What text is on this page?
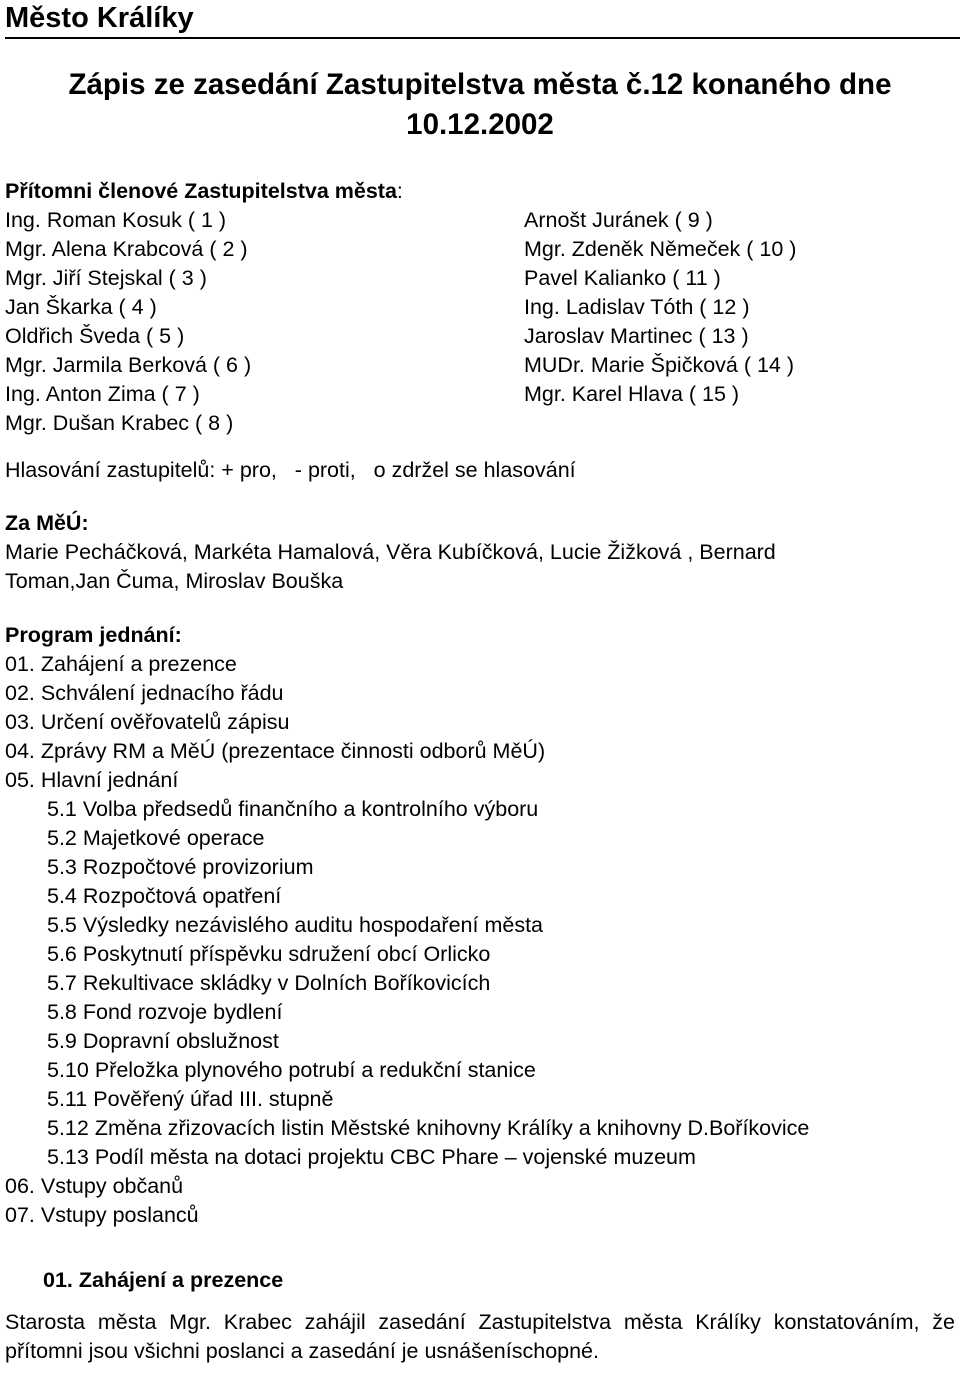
Město Králíky
Zápis ze zasedání Zastupitelstva města č.12 konaného dne
10.12.2002
Přítomni členové Zastupitelstva města:
Ing. Roman Kosuk ( 1 )
Mgr. Alena Krabcová ( 2 )
Mgr. Jiří Stejskal ( 3 )
Jan Škarka ( 4 )
Oldřich Šveda ( 5 )
Mgr. Jarmila Berková ( 6 )
Ing. Anton Zima ( 7 )
Mgr. Dušan Krabec ( 8 )
Arnošt Juránek ( 9 )
Mgr. Zdeněk Němeček ( 10 )
Pavel Kalianko ( 11 )
Ing. Ladislav Tóth ( 12 )
Jaroslav Martinec ( 13 )
MUDr. Marie Špičková ( 14 )
Mgr. Karel Hlava ( 15 )
Hlasování zastupitelů: + pro,   - proti,   o zdržel se hlasování
Za MěÚ:
Marie Pecháčková, Markéta Hamalová, Věra Kubíčková, Lucie Žižková , Bernard
Toman,Jan Čuma, Miroslav Bouška
Program jednání:
01. Zahájení a prezence
02. Schválení jednacího řádu
03. Určení ověřovatelů zápisu
04. Zprávy RM a MěÚ (prezentace činnosti odborů MěÚ)
05. Hlavní jednání
5.1 Volba předsedů finančního a kontrolního výboru
5.2 Majetkové operace
5.3 Rozpočtové provizorium
5.4 Rozpočtová opatření
5.5 Výsledky nezávislého auditu hospodaření města
5.6 Poskytnutí příspěvku sdružení obcí Orlicko
5.7 Rekultivace skládky v Dolních Boříkovicích
5.8 Fond rozvoje bydlení
5.9 Dopravní obslužnost
5.10 Přeložka plynového potrubí a redukční stanice
5.11 Pověřený úřad III. stupně
5.12 Změna zřizovacích listin Městské knihovny Králíky a knihovny D.Boříkovice
5.13 Podíl města na dotaci projektu CBC Phare – vojenské muzeum
06. Vstupy občanů
07. Vstupy poslanců
01. Zahájení a prezence
Starosta města Mgr. Krabec zahájil zasedání Zastupitelstva města Králíky konstatováním, že přítomni jsou všichni poslanci a zasedání je usnášeníschopné.
